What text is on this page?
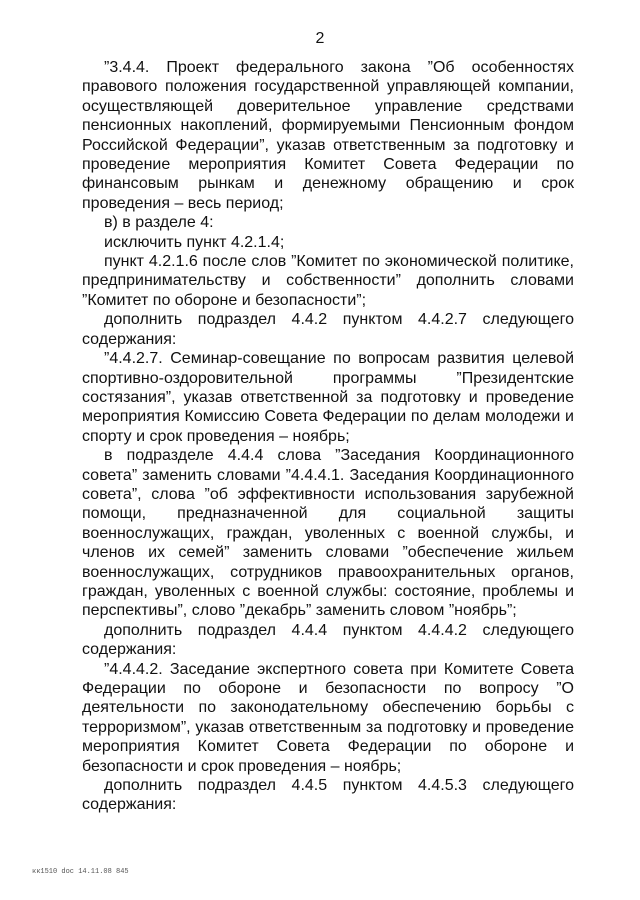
2

”3.4.4. Проект федерального закона ”Об особенностях правового положения государственной управляющей компании, осуществляющей доверительное управление средствами пенсионных накоплений, формируемыми Пенсионным фондом Российской Федерации”, указав ответственным за подготовку и проведение мероприятия Комитет Совета Федерации по финансовым рынкам и денежному обращению и срок проведения – весь период;

в) в разделе 4:

исключить пункт 4.2.1.4;

пункт 4.2.1.6 после слов ”Комитет по экономической политике, предпринимательству и собственности” дополнить словами ”Комитет по обороне и безопасности”;

дополнить подраздел 4.4.2 пунктом 4.4.2.7 следующего содержания:

”4.4.2.7. Семинар-совещание по вопросам развития целевой спортивно-оздоровительной программы ”Президентские состязания”, указав ответственной за подготовку и проведение мероприятия Комиссию Совета Федерации по делам молодежи и спорту и срок проведения – ноябрь;

в подразделе 4.4.4 слова ”Заседания Координационного совета” заменить словами ”4.4.4.1. Заседания Координационного совета”, слова ”об эффективности использования зарубежной помощи, предназначенной для социальной защиты военнослужащих, граждан, уволенных с военной службы, и членов их семей” заменить словами ”обеспечение жильем военнослужащих, сотрудников правоохранительных органов, граждан, уволенных с военной службы: состояние, проблемы и перспективы”, слово ”декабрь” заменить словом ”ноябрь”;

дополнить подраздел 4.4.4 пунктом 4.4.4.2 следующего содержания:

”4.4.4.2. Заседание экспертного совета при Комитете Совета Федерации по обороне и безопасности по вопросу ”О деятельности по законодательному обеспечению борьбы с терроризмом”, указав ответственным за подготовку и проведение мероприятия Комитет Совета Федерации по обороне и безопасности и срок проведения – ноябрь;

дополнить подраздел 4.4.5 пунктом 4.4.5.3 следующего содержания:

кк1510 doc 14.11.08 845
